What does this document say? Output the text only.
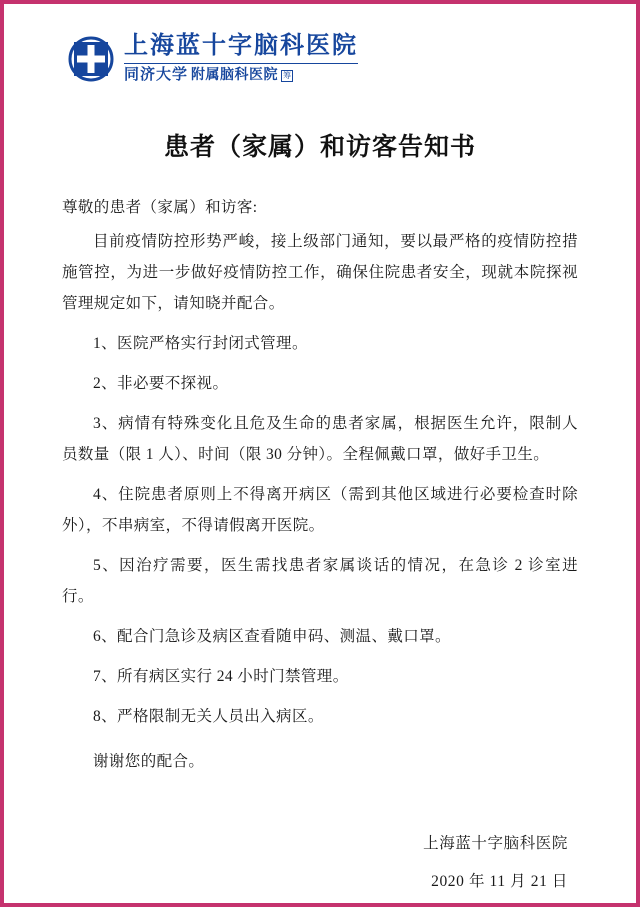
上海蓝十字脑科医院
同济大学 附属脑科医院 筹
患者（家属）和访客告知书

尊敬的患者（家属）和访客:

目前疫情防控形势严峻，接上级部门通知，要以最严格的疫情防控措施管控，为进一步做好疫情防控工作，确保住院患者安全，现就本院探视管理规定如下，请知晓并配合。

1、医院严格实行封闭式管理。

2、非必要不探视。

3、病情有特殊变化且危及生命的患者家属，根据医生允许，限制人员数量（限 1 人）、时间（限 30 分钟）。全程佩戴口罩，做好手卫生。

4、住院患者原则上不得离开病区（需到其他区域进行必要检查时除外），不串病室，不得请假离开医院。

5、因治疗需要，医生需找患者家属谈话的情况，在急诊 2 诊室进行。

6、配合门急诊及病区查看随申码、测温、戴口罩。

7、所有病区实行 24 小时门禁管理。

8、严格限制无关人员出入病区。

谢谢您的配合。

上海蓝十字脑科医院
2020 年 11 月 21 日
